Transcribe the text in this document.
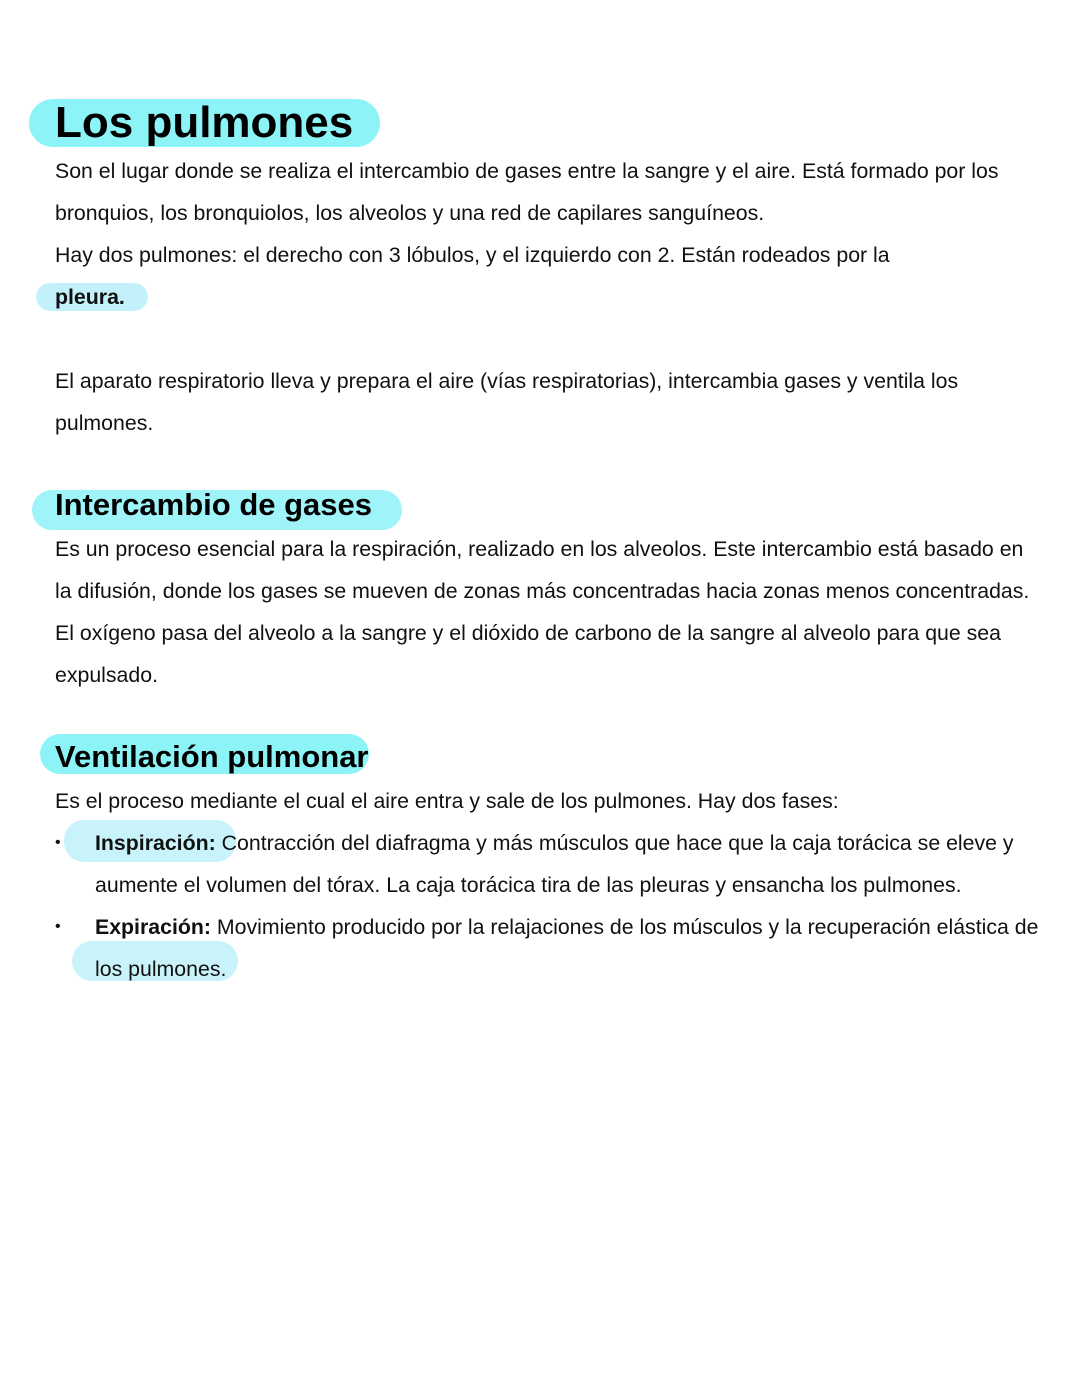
Los pulmones

Son el lugar donde se realiza el intercambio de gases entre la sangre y el aire. Está formado por los bronquios, los bronquiolos, los alveolos y una red de capilares sanguíneos.

Hay dos pulmones: el derecho con 3 lóbulos, y el izquierdo con 2. Están rodeados por la
pleura.

El aparato respiratorio lleva y prepara el aire (vías respiratorias), intercambia gases y ventila los pulmones.

Intercambio de gases

Es un proceso esencial para la respiración, realizado en los alveolos. Este intercambio está basado en la difusión, donde los gases se mueven de zonas más concentradas hacia zonas menos concentradas. El oxígeno pasa del alveolo a la sangre y el dióxido de carbono de la sangre al alveolo para que sea expulsado.

Ventilación pulmonar

Es el proceso mediante el cual el aire entra y sale de los pulmones. Hay dos fases:

• Inspiración: Contracción del diafragma y más músculos que hace que la caja torácica se eleve y aumente el volumen del tórax. La caja torácica tira de las pleuras y ensancha los pulmones.
• Expiración: Movimiento producido por la relajaciones de los músculos y la recuperación elástica de los pulmones.
